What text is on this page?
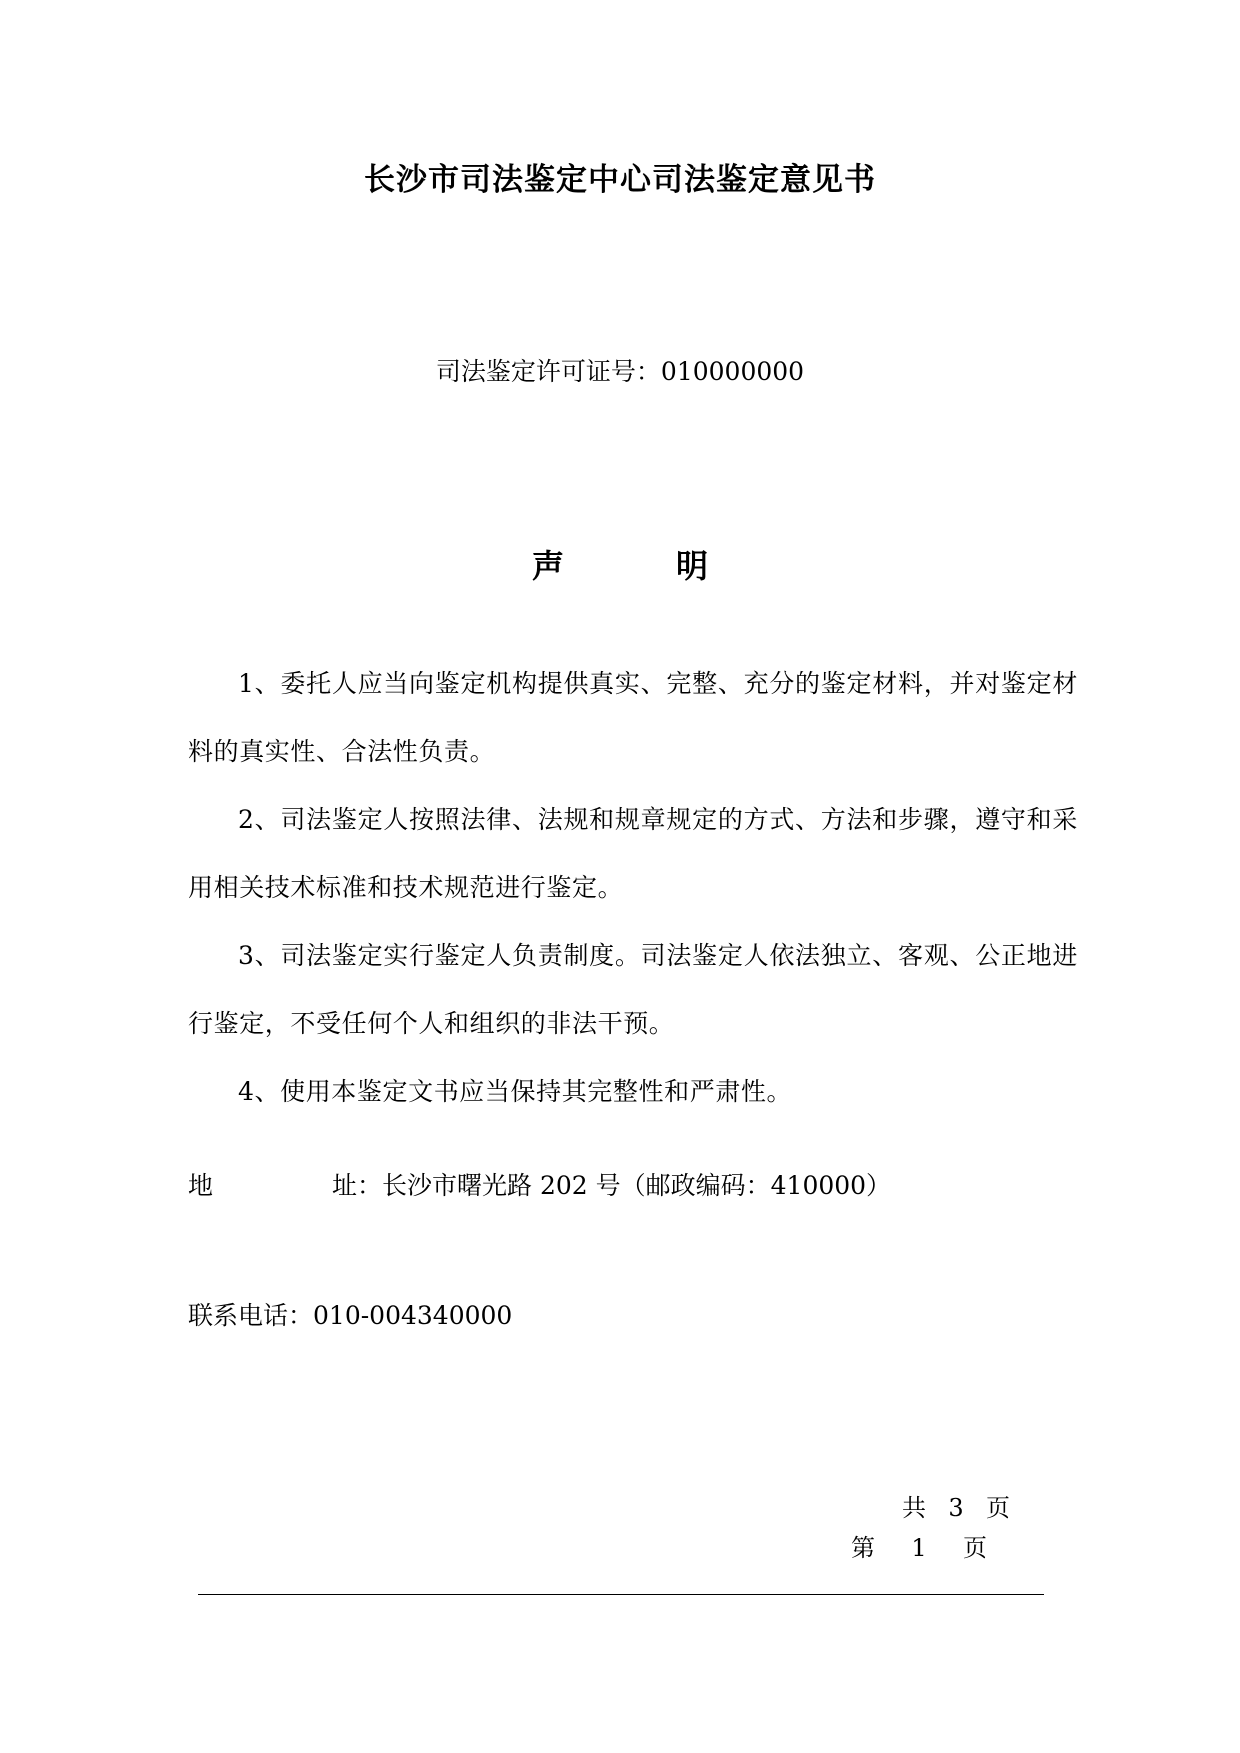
长沙市司法鉴定中心司法鉴定意见书
司法鉴定许可证号：010000000
声	明

1、委托人应当向鉴定机构提供真实、完整、充分的鉴定材料，并对鉴定材料的真实性、合法性负责。

2、司法鉴定人按照法律、法规和规章规定的方式、方法和步骤，遵守和采用相关技术标准和技术规范进行鉴定。

3、司法鉴定实行鉴定人负责制度。司法鉴定人依法独立、客观、公正地进行鉴定，不受任何个人和组织的非法干预。

4、使用本鉴定文书应当保持其完整性和严肃性。

地	址：长沙市曙光路 202 号（邮政编码：410000）
联系电话：010-004340000
共 3 页
第 1 页
